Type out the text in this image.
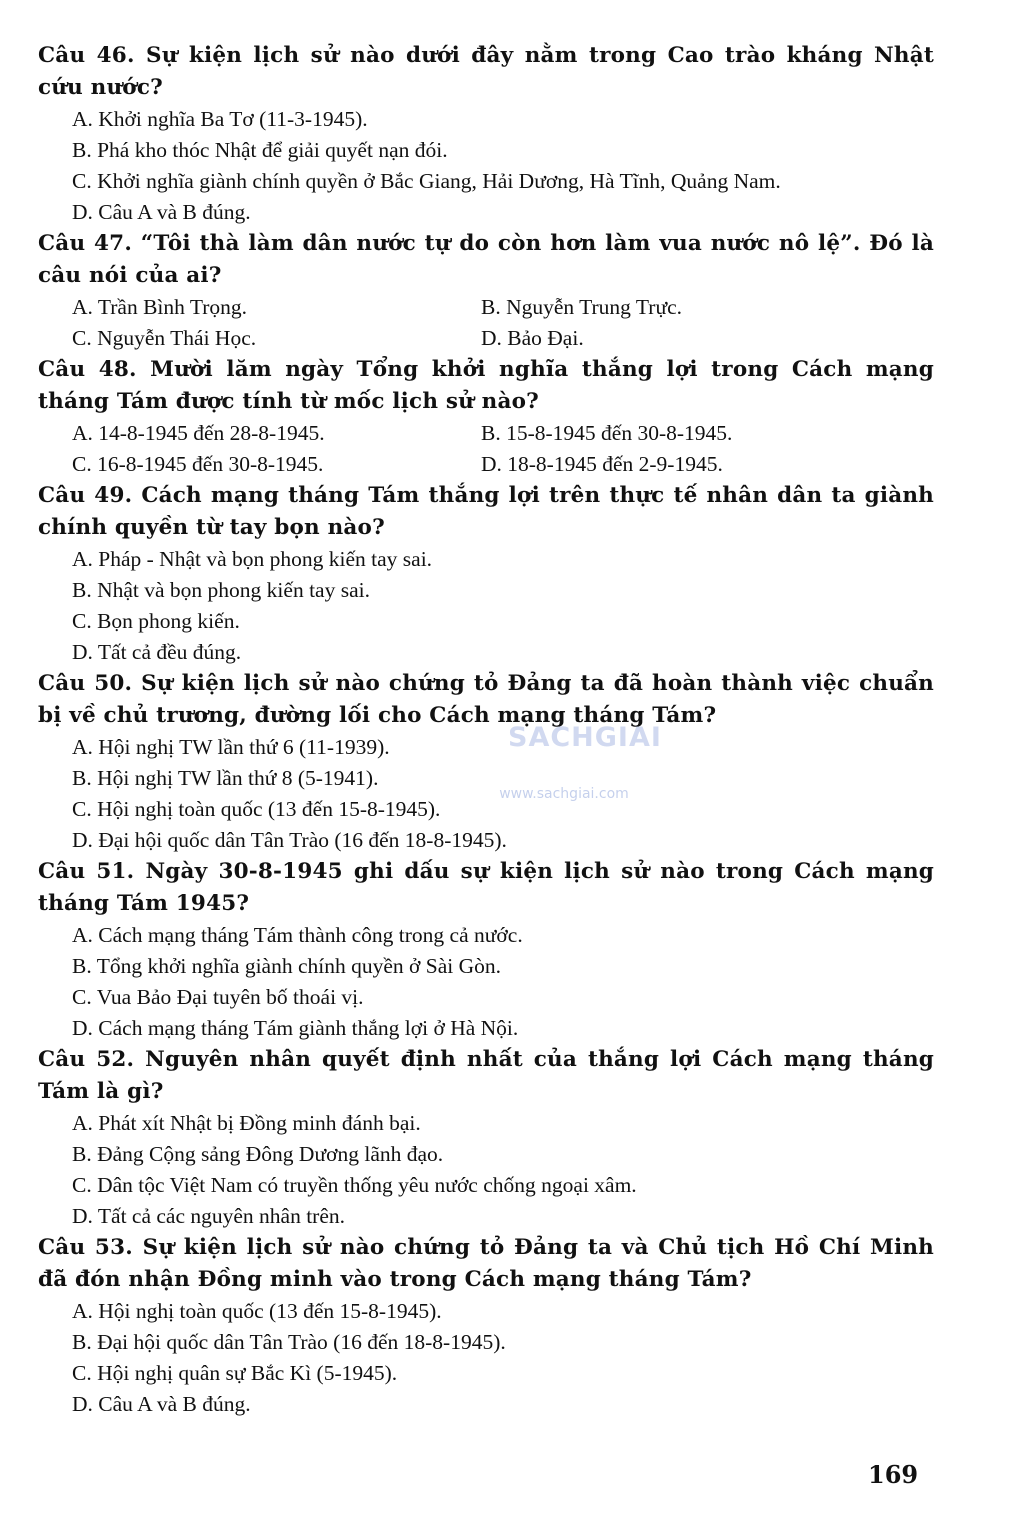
Câu 46. Sự kiện lịch sử nào dưới đây nằm trong Cao trào kháng Nhật cứu nước?
A. Khởi nghĩa Ba Tơ (11-3-1945).
B. Phá kho thóc Nhật để giải quyết nạn đói.
C. Khởi nghĩa giành chính quyền ở Bắc Giang, Hải Dương, Hà Tĩnh, Quảng Nam.
D. Câu A và B đúng.
Câu 47. “Tôi thà làm dân nước tự do còn hơn làm vua nước nô lệ”. Đó là câu nói của ai?
A. Trần Bình Trọng.	B. Nguyễn Trung Trực.
C. Nguyễn Thái Học.	D. Bảo Đại.
Câu 48. Mười lăm ngày Tổng khởi nghĩa thắng lợi trong Cách mạng tháng Tám được tính từ mốc lịch sử nào?
A. 14-8-1945 đến 28-8-1945.	B. 15-8-1945 đến 30-8-1945.
C. 16-8-1945 đến 30-8-1945.	D. 18-8-1945 đến 2-9-1945.
Câu 49. Cách mạng tháng Tám thắng lợi trên thực tế nhân dân ta giành chính quyền từ tay bọn nào?
A. Pháp - Nhật và bọn phong kiến tay sai.
B. Nhật và bọn phong kiến tay sai.
C. Bọn phong kiến.
D. Tất cả đều đúng.
Câu 50. Sự kiện lịch sử nào chứng tỏ Đảng ta đã hoàn thành việc chuẩn bị về chủ trương, đường lối cho Cách mạng tháng Tám?
A. Hội nghị TW lần thứ 6 (11-1939).
B. Hội nghị TW lần thứ 8 (5-1941).
C. Hội nghị toàn quốc (13 đến 15-8-1945).
D. Đại hội quốc dân Tân Trào (16 đến 18-8-1945).
Câu 51. Ngày 30-8-1945 ghi dấu sự kiện lịch sử nào trong Cách mạng tháng Tám 1945?
A. Cách mạng tháng Tám thành công trong cả nước.
B. Tổng khởi nghĩa giành chính quyền ở Sài Gòn.
C. Vua Bảo Đại tuyên bố thoái vị.
D. Cách mạng tháng Tám giành thắng lợi ở Hà Nội.
Câu 52. Nguyên nhân quyết định nhất của thắng lợi Cách mạng tháng Tám là gì?
A. Phát xít Nhật bị Đồng minh đánh bại.
B. Đảng Cộng sảng Đông Dương lãnh đạo.
C. Dân tộc Việt Nam có truyền thống yêu nước chống ngoại xâm.
D. Tất cả các nguyên nhân trên.
Câu 53. Sự kiện lịch sử nào chứng tỏ Đảng ta và Chủ tịch Hồ Chí Minh đã đón nhận Đồng minh vào trong Cách mạng tháng Tám?
A. Hội nghị toàn quốc (13 đến 15-8-1945).
B. Đại hội quốc dân Tân Trào (16 đến 18-8-1945).
C. Hội nghị quân sự Bắc Kì (5-1945).
D. Câu A và B đúng.
SACHGIAI
www.sachgiai.com
169
